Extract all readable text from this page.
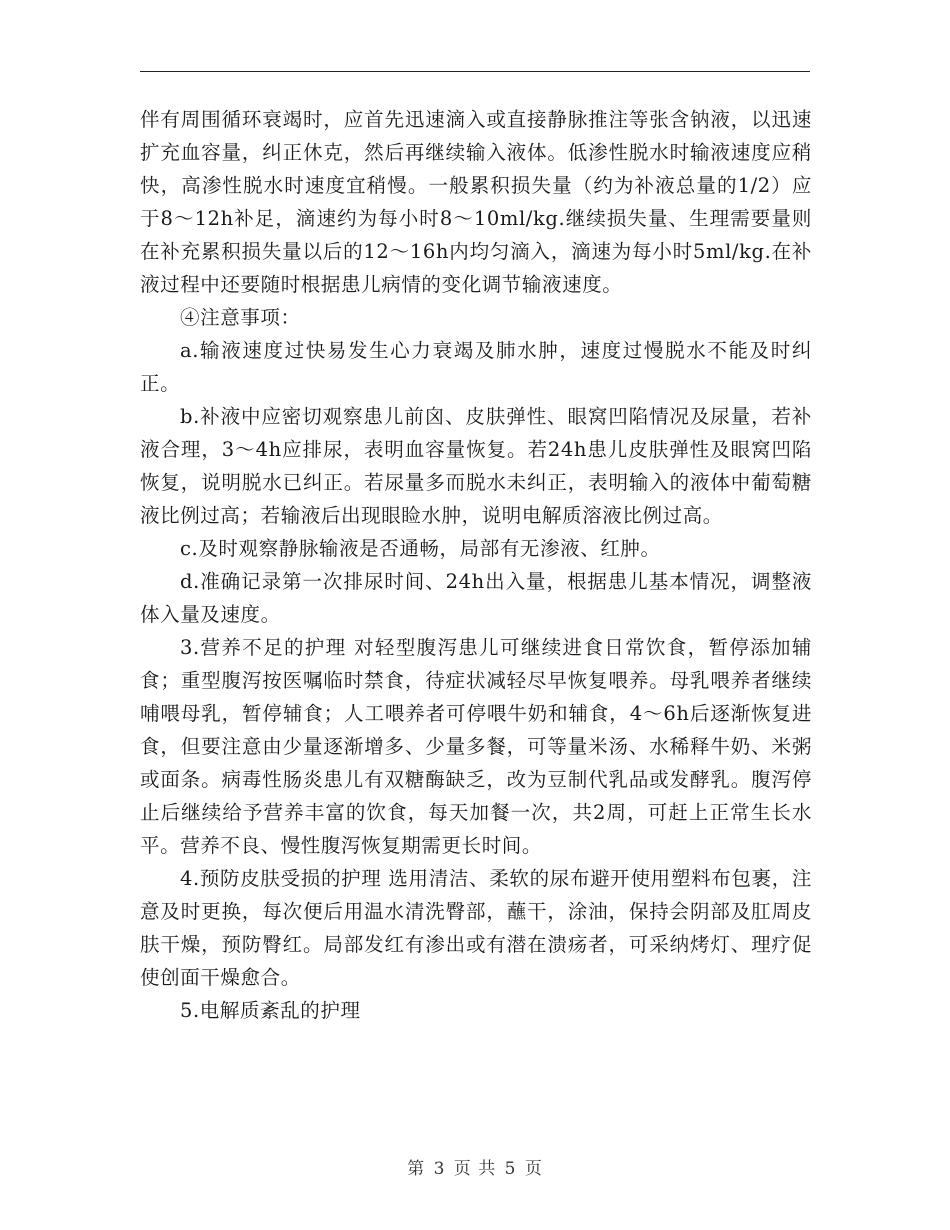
伴有周围循环衰竭时，应首先迅速滴入或直接静脉推注等张含钠液，以迅速扩充血容量，纠正休克，然后再继续输入液体。低渗性脱水时输液速度应稍快，高渗性脱水时速度宜稍慢。一般累积损失量（约为补液总量的1/2）应于8～12h补足，滴速约为每小时8～10ml/kg.继续损失量、生理需要量则在补充累积损失量以后的12～16h内均匀滴入，滴速为每小时5ml/kg.在补液过程中还要随时根据患儿病情的变化调节输液速度。

④注意事项：

a.输液速度过快易发生心力衰竭及肺水肿，速度过慢脱水不能及时纠正。

b.补液中应密切观察患儿前囟、皮肤弹性、眼窝凹陷情况及尿量，若补液合理，3～4h应排尿，表明血容量恢复。若24h患儿皮肤弹性及眼窝凹陷恢复，说明脱水已纠正。若尿量多而脱水未纠正，表明输入的液体中葡萄糖液比例过高；若输液后出现眼睑水肿，说明电解质溶液比例过高。

c.及时观察静脉输液是否通畅，局部有无渗液、红肿。

d.准确记录第一次排尿时间、24h出入量，根据患儿基本情况，调整液体入量及速度。

3.营养不足的护理 对轻型腹泻患儿可继续进食日常饮食，暂停添加辅食；重型腹泻按医嘱临时禁食，待症状减轻尽早恢复喂养。母乳喂养者继续哺喂母乳，暂停辅食；人工喂养者可停喂牛奶和辅食，4～6h后逐渐恢复进食，但要注意由少量逐渐增多、少量多餐，可等量米汤、水稀释牛奶、米粥或面条。病毒性肠炎患儿有双糖酶缺乏，改为豆制代乳品或发酵乳。腹泻停止后继续给予营养丰富的饮食，每天加餐一次，共2周，可赶上正常生长水平。营养不良、慢性腹泻恢复期需更长时间。

4.预防皮肤受损的护理 选用清洁、柔软的尿布避开使用塑料布包裹，注意及时更换，每次便后用温水清洗臀部，蘸干，涂油，保持会阴部及肛周皮肤干燥，预防臀红。局部发红有渗出或有潜在溃疡者，可采纳烤灯、理疗促使创面干燥愈合。

5.电解质紊乱的护理

第 3 页 共 5 页
